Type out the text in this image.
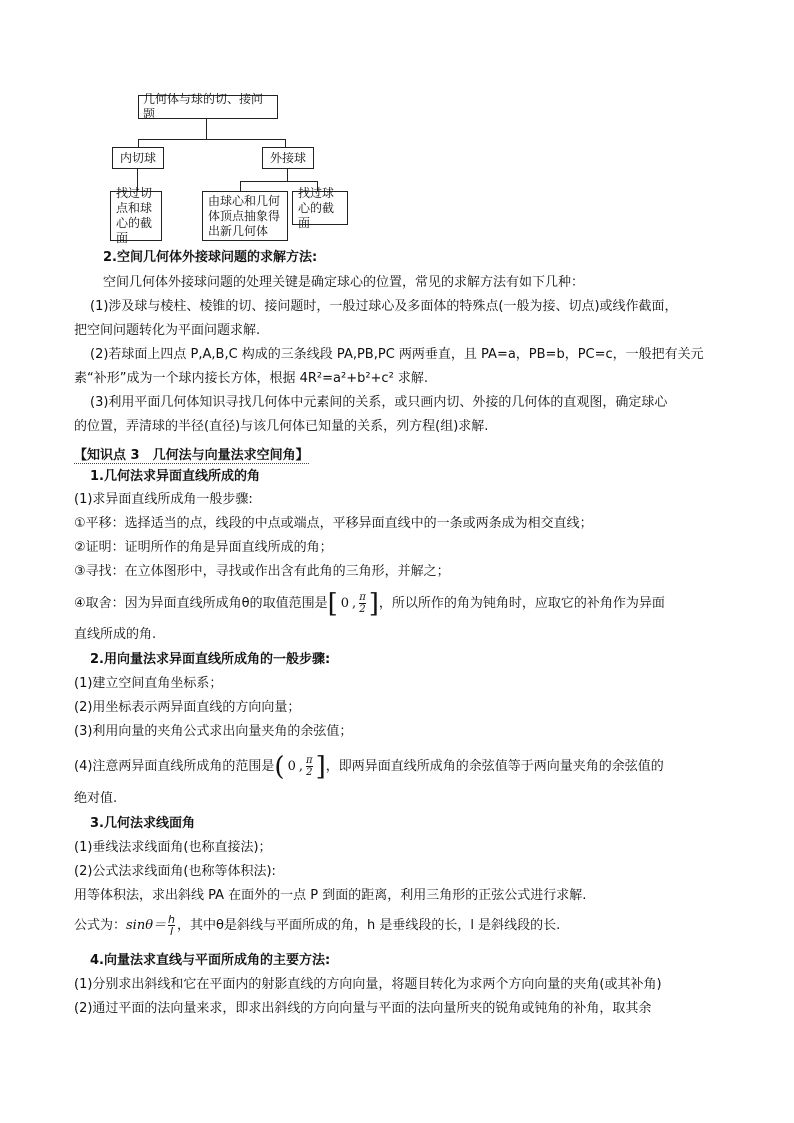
几何体与球的切、接问题
内切球	外接球
找过切点和球心的截面
由球心和几何体顶点抽象得出新几何体
找过球心的截面
2.空间几何体外接球问题的求解方法:
空间几何体外接球问题的处理关键是确定球心的位置，常见的求解方法有如下几种：
(1)涉及球与棱柱、棱锥的切、接问题时，一般过球心及多面体的特殊点(一般为接、切点)或线作截面，
把空间问题转化为平面问题求解.
(2)若球面上四点 P,A,B,C 构成的三条线段 PA,PB,PC 两两垂直，且 PA=a，PB=b，PC=c，一般把有关元
素“补形”成为一个球内接长方体，根据 4R²=a²+b²+c² 求解.
(3)利用平面几何体知识寻找几何体中元素间的关系，或只画内切、外接的几何体的直观图，确定球心
的位置，弄清球的半径(直径)与该几何体已知量的关系，列方程(组)求解.
【知识点 3　几何法与向量法求空间角】
1.几何法求异面直线所成的角
(1)求异面直线所成角一般步骤:
①平移：选择适当的点，线段的中点或端点，平移异面直线中的一条或两条成为相交直线；
②证明：证明所作的角是异面直线所成的角；
③寻找：在立体图形中，寻找或作出含有此角的三角形，并解之；
④取舍：因为异面直线所成角θ的取值范围是 [ 0 , $\frac{\pi}{2}$ ] ，所以所作的角为钝角时，应取它的补角作为异面
直线所成的角.
2.用向量法求异面直线所成角的一般步骤:
(1)建立空间直角坐标系；
(2)用坐标表示两异面直线的方向向量；
(3)利用向量的夹角公式求出向量夹角的余弦值；
(4)注意两异面直线所成角的范围是 ( 0 , $\frac{\pi}{2}$ ] ，即两异面直线所成角的余弦值等于两向量夹角的余弦值的
绝对值.
3.几何法求线面角
(1)垂线法求线面角(也称直接法)；
(2)公式法求线面角(也称等体积法):
用等体积法，求出斜线 PA 在面外的一点 P 到面的距离，利用三角形的正弦公式进行求解.
公式为： $\sin\theta= \frac{h}{l}$ ，其中θ是斜线与平面所成的角，h 是垂线段的长，l 是斜线段的长.
4.向量法求直线与平面所成角的主要方法:
(1)分别求出斜线和它在平面内的射影直线的方向向量，将题目转化为求两个方向向量的夹角(或其补角)
(2)通过平面的法向量来求，即求出斜线的方向向量与平面的法向量所夹的锐角或钝角的补角，取其余
